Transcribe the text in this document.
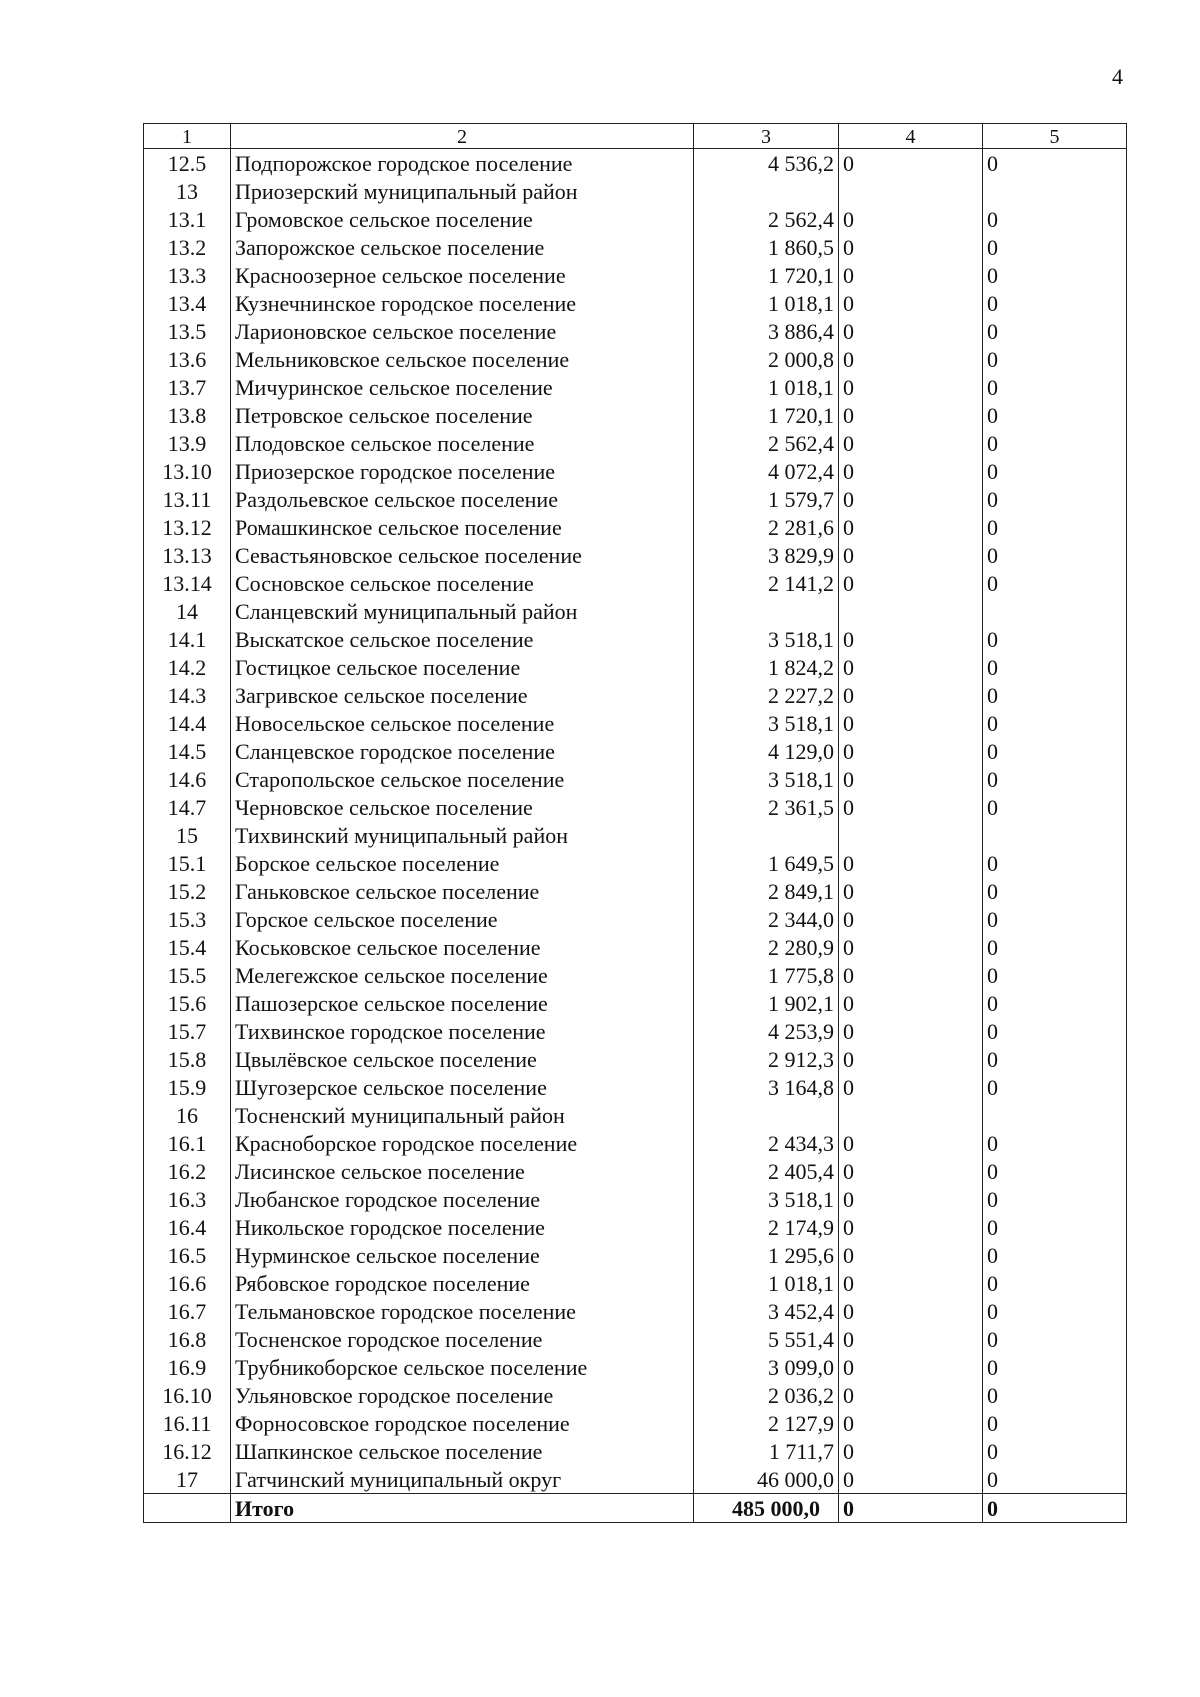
4
1	2	3	4	5
12.5	Подпорожское городское поселение	4 536,2	0	0
13	Приозерский муниципальный район			
13.1	Громовское сельское поселение	2 562,4	0	0
13.2	Запорожское сельское поселение	1 860,5	0	0
13.3	Красноозерное сельское поселение	1 720,1	0	0
13.4	Кузнечнинское городское поселение	1 018,1	0	0
13.5	Ларионовское сельское поселение	3 886,4	0	0
13.6	Мельниковское сельское поселение	2 000,8	0	0
13.7	Мичуринское сельское поселение	1 018,1	0	0
13.8	Петровское сельское поселение	1 720,1	0	0
13.9	Плодовское сельское поселение	2 562,4	0	0
13.10	Приозерское городское поселение	4 072,4	0	0
13.11	Раздольевское сельское поселение	1 579,7	0	0
13.12	Ромашкинское сельское поселение	2 281,6	0	0
13.13	Севастьяновское сельское поселение	3 829,9	0	0
13.14	Сосновское сельское поселение	2 141,2	0	0
14	Сланцевский муниципальный район			
14.1	Выскатское сельское поселение	3 518,1	0	0
14.2	Гостицкое сельское поселение	1 824,2	0	0
14.3	Загривское сельское поселение	2 227,2	0	0
14.4	Новосельское сельское поселение	3 518,1	0	0
14.5	Сланцевское городское поселение	4 129,0	0	0
14.6	Старопольское сельское поселение	3 518,1	0	0
14.7	Черновское сельское поселение	2 361,5	0	0
15	Тихвинский муниципальный район			
15.1	Борское сельское поселение	1 649,5	0	0
15.2	Ганьковское сельское поселение	2 849,1	0	0
15.3	Горское сельское поселение	2 344,0	0	0
15.4	Коськовское сельское поселение	2 280,9	0	0
15.5	Мелегежское сельское поселение	1 775,8	0	0
15.6	Пашозерское сельское поселение	1 902,1	0	0
15.7	Тихвинское городское поселение	4 253,9	0	0
15.8	Цвылёвское сельское поселение	2 912,3	0	0
15.9	Шугозерское сельское поселение	3 164,8	0	0
16	Тосненский муниципальный район			
16.1	Красноборское городское поселение	2 434,3	0	0
16.2	Лисинское сельское поселение	2 405,4	0	0
16.3	Любанское городское поселение	3 518,1	0	0
16.4	Никольское городское поселение	2 174,9	0	0
16.5	Нурминское сельское поселение	1 295,6	0	0
16.6	Рябовское городское поселение	1 018,1	0	0
16.7	Тельмановское городское поселение	3 452,4	0	0
16.8	Тосненское городское поселение	5 551,4	0	0
16.9	Трубникоборское сельское поселение	3 099,0	0	0
16.10	Ульяновское городское поселение	2 036,2	0	0
16.11	Форносовское городское поселение	2 127,9	0	0
16.12	Шапкинское сельское поселение	1 711,7	0	0
17	Гатчинский муниципальный округ	46 000,0	0	0
	Итого	485 000,0	0	0
